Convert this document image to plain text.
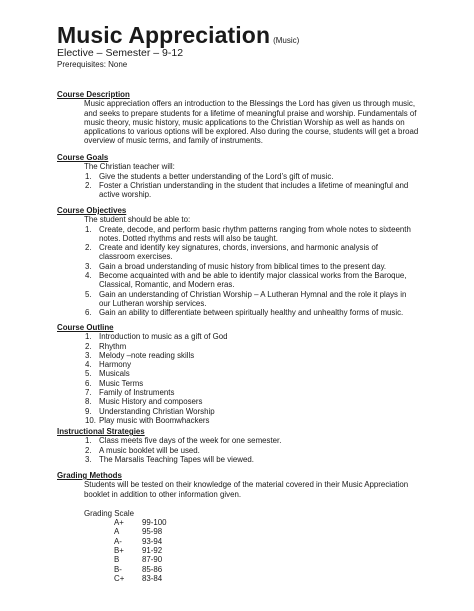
Music Appreciation (Music)
Elective – Semester – 9-12
Prerequisites: None
Course Description
Music appreciation offers an introduction to the Blessings the Lord has given us through music, and seeks to prepare students for a lifetime of meaningful praise and worship. Fundamentals of music theory, music history, music applications to the Christian Worship as well as hands on applications to various options will be explored. Also during the course, students will get a broad overview of music terms, and family of instruments.
Course Goals
The Christian teacher will:
1. Give the students a better understanding of the Lord’s gift of music.
2. Foster a Christian understanding in the student that includes a lifetime of meaningful and active worship.
Course Objectives
The student should be able to:
1. Create, decode, and perform basic rhythm patterns ranging from whole notes to sixteenth notes. Dotted rhythms and rests will also be taught.
2. Create and identify key signatures, chords, inversions, and harmonic analysis of classroom exercises.
3. Gain a broad understanding of music history from biblical times to the present day.
4. Become acquainted with and be able to identify major classical works from the Baroque, Classical, Romantic, and Modern eras.
5. Gain an understanding of Christian Worship – A Lutheran Hymnal and the role it plays in our Lutheran worship services.
6. Gain an ability to differentiate between spiritually healthy and unhealthy forms of music.
Course Outline
1. Introduction to music as a gift of God
2. Rhythm
3. Melody –note reading skills
4. Harmony
5. Musicals
6. Music Terms
7. Family of Instruments
8. Music History and composers
9. Understanding Christian Worship
10. Play music with Boomwhackers
Instructional Strategies
1. Class meets five days of the week for one semester.
2. A music booklet will be used.
3. The Marsalis Teaching Tapes will be viewed.
Grading Methods
Students will be tested on their knowledge of the material covered in their Music Appreciation booklet in addition to other information given.
Grading Scale
A+ 99-100
A	95-98
A-	93-94
B+ 91-92
B	87-90
B-	85-86
C+ 83-84
